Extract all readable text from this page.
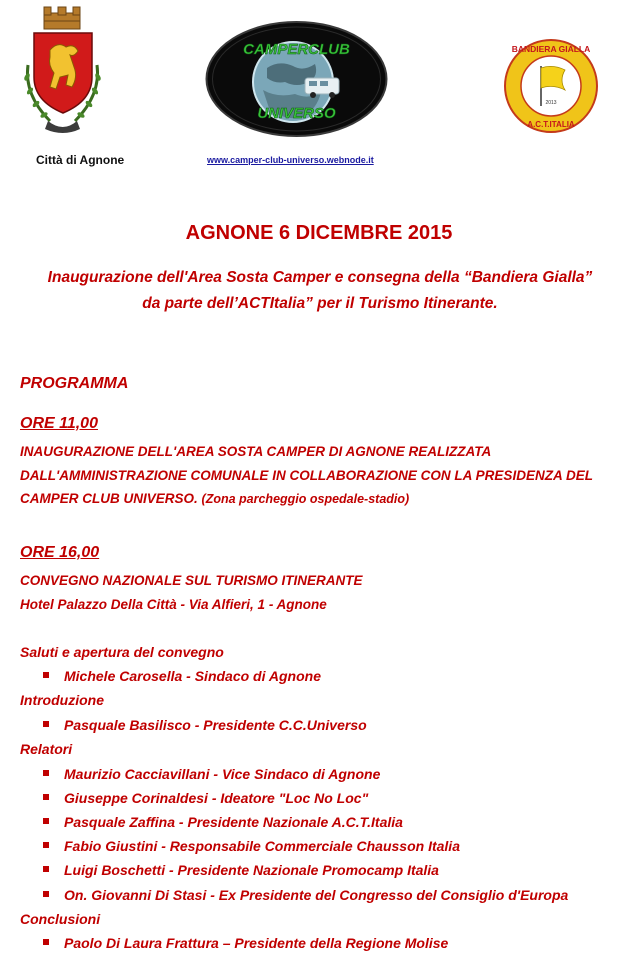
CAMPERCLUB
UNIVERSO
BANDIERA GIALLA
A.C.T.ITALIA
2013
Città di Agnone	www.camper-club-universo.webnode.it
AGNONE 6 DICEMBRE 2015
Inaugurazione dell'Area Sosta Camper e consegna della “Bandiera Gialla” da parte dell’ACTItalia” per il Turismo Itinerante.
PROGRAMMA
ORE 11,00
INAUGURAZIONE DELL'AREA SOSTA CAMPER DI AGNONE REALIZZATA DALL'AMMINISTRAZIONE COMUNALE IN COLLABORAZIONE CON LA PRESIDENZA DEL CAMPER CLUB UNIVERSO. (Zona parcheggio ospedale-stadio)
ORE 16,00
CONVEGNO NAZIONALE SUL TURISMO ITINERANTE
Hotel Palazzo Della Città - Via Alfieri, 1 - Agnone
Saluti e apertura del convegno
Michele Carosella - Sindaco di Agnone
Introduzione
Pasquale Basilisco - Presidente C.C.Universo
Relatori
Maurizio Cacciavillani - Vice Sindaco di Agnone
Giuseppe Corinaldesi - Ideatore "Loc No Loc"
Pasquale Zaffina - Presidente Nazionale A.C.T.Italia
Fabio Giustini - Responsabile Commerciale Chausson Italia
Luigi Boschetti - Presidente Nazionale Promocamp Italia
On. Giovanni Di Stasi - Ex Presidente del Congresso del Consiglio d'Europa
Conclusioni
Paolo Di Laura Frattura – Presidente della Regione Molise
